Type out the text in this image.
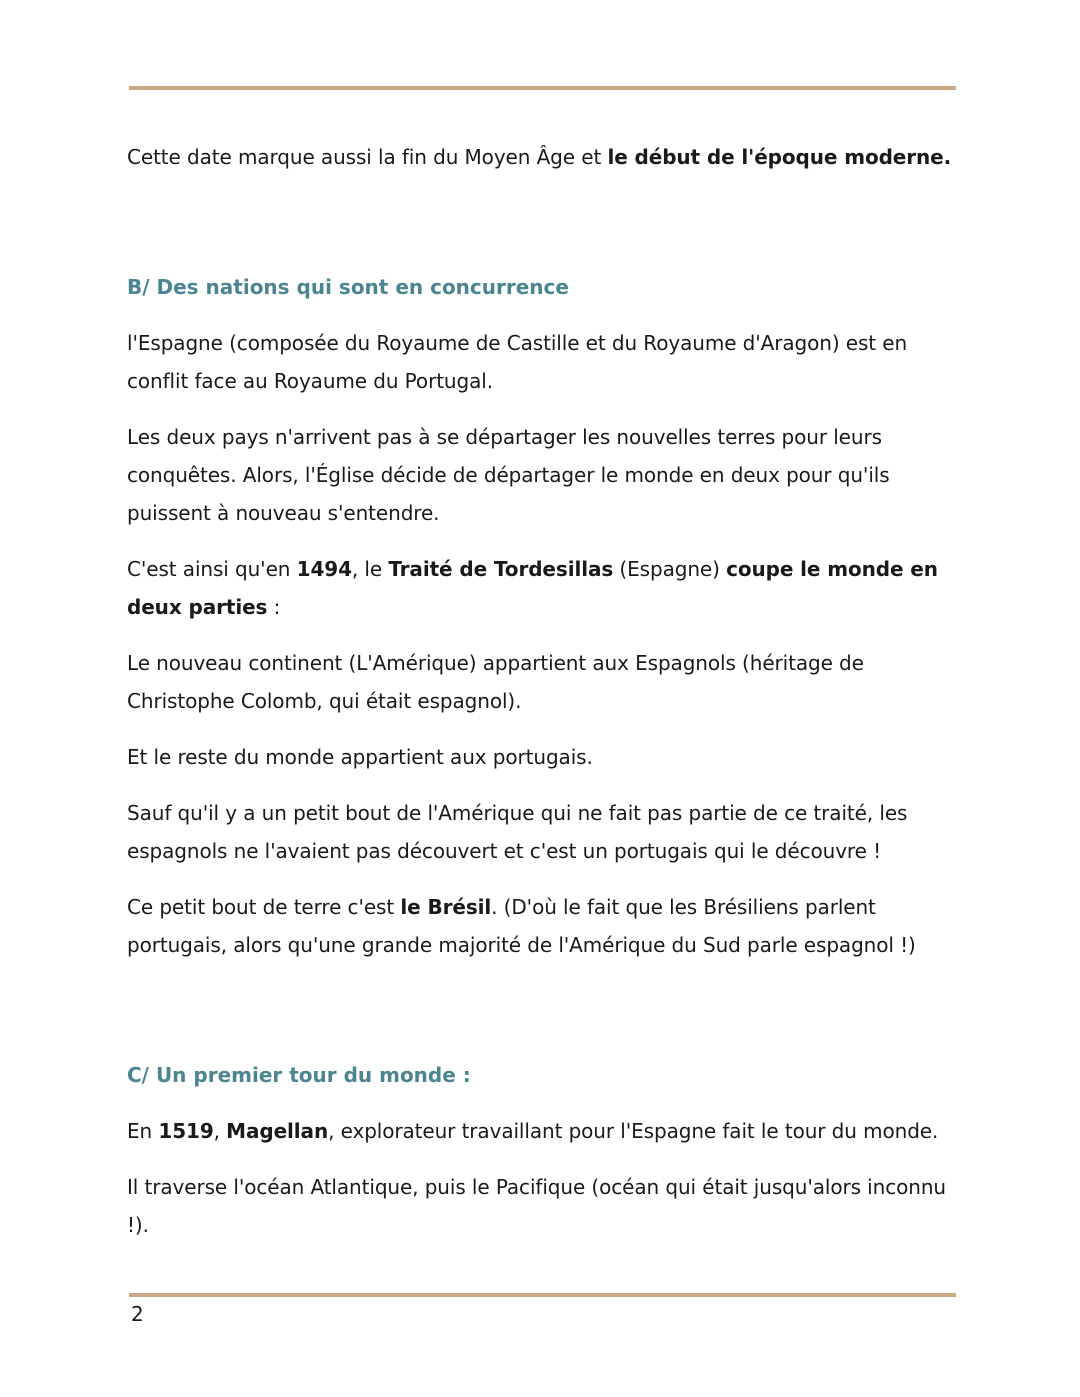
Cette date marque aussi la fin du Moyen Âge et le début de l'époque moderne.

B/ Des nations qui sont en concurrence

l'Espagne (composée du Royaume de Castille et du Royaume d'Aragon) est en conflit face au Royaume du Portugal.

Les deux pays n'arrivent pas à se départager les nouvelles terres pour leurs conquêtes. Alors, l'Église décide de départager le monde en deux pour qu'ils puissent à nouveau s'entendre.

C'est ainsi qu'en 1494, le Traité de Tordesillas (Espagne) coupe le monde en deux parties :

Le nouveau continent (L'Amérique) appartient aux Espagnols (héritage de Christophe Colomb, qui était espagnol).

Et le reste du monde appartient aux portugais.

Sauf qu'il y a un petit bout de l'Amérique qui ne fait pas partie de ce traité, les espagnols ne l'avaient pas découvert et c'est un portugais qui le découvre !

Ce petit bout de terre c'est le Brésil. (D'où le fait que les Brésiliens parlent portugais, alors qu'une grande majorité de l'Amérique du Sud parle espagnol !)

C/ Un premier tour du monde :

En 1519, Magellan, explorateur travaillant pour l'Espagne fait le tour du monde.

Il traverse l'océan Atlantique, puis le Pacifique (océan qui était jusqu'alors inconnu !).

2
